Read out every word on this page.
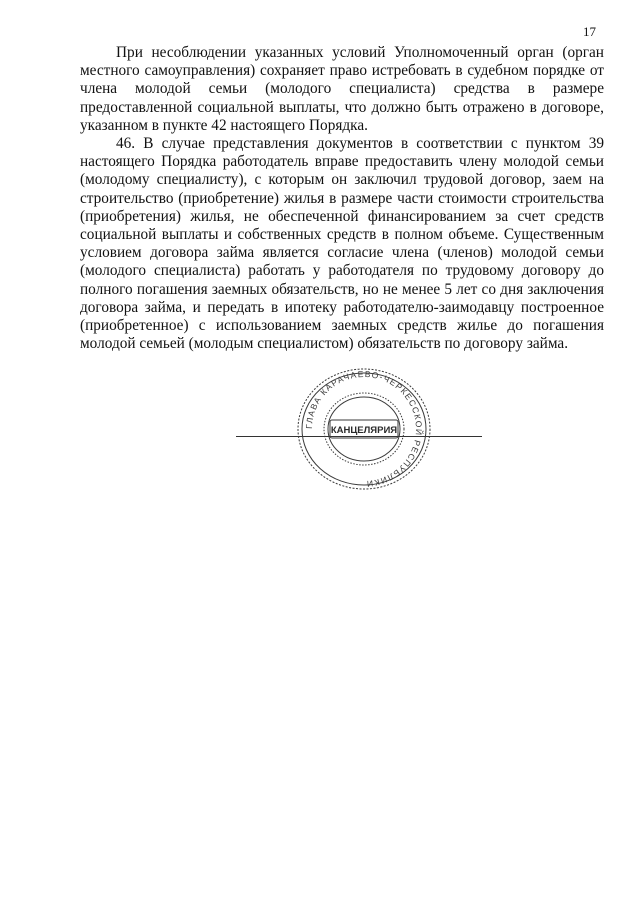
17

При несоблюдении указанных условий Уполномоченный орган (орган местного самоуправления) сохраняет право истребовать в судебном порядке от члена молодой семьи (молодого специалиста) средства в размере предоставленной социальной выплаты, что должно быть отражено в договоре, указанном в пункте 42 настоящего Порядка.

46. В случае представления документов в соответствии с пунктом 39 настоящего Порядка работодатель вправе предоставить члену молодой семьи (молодому специалисту), с которым он заключил трудовой договор, заем на строительство (приобретение) жилья в размере части стоимости строительства (приобретения) жилья, не обеспеченной финансированием за счет средств социальной выплаты и собственных средств в полном объеме. Существенным условием договора займа является согласие члена (членов) молодой семьи (молодого специалиста) работать у работодателя по трудовому договору до полного погашения заемных обязательств, но не менее 5 лет со дня заключения договора займа, и передать в ипотеку работодателю-заимодавцу построенное (приобретенное) с использованием заемных средств жилье до погашения молодой семьей (молодым специалистом) обязательств по договору займа.

ГЛАВА КАРАЧАЕВО-ЧЕРКЕССКОЙ РЕСПУБЛИКИ
КАНЦЕЛЯРИЯ
